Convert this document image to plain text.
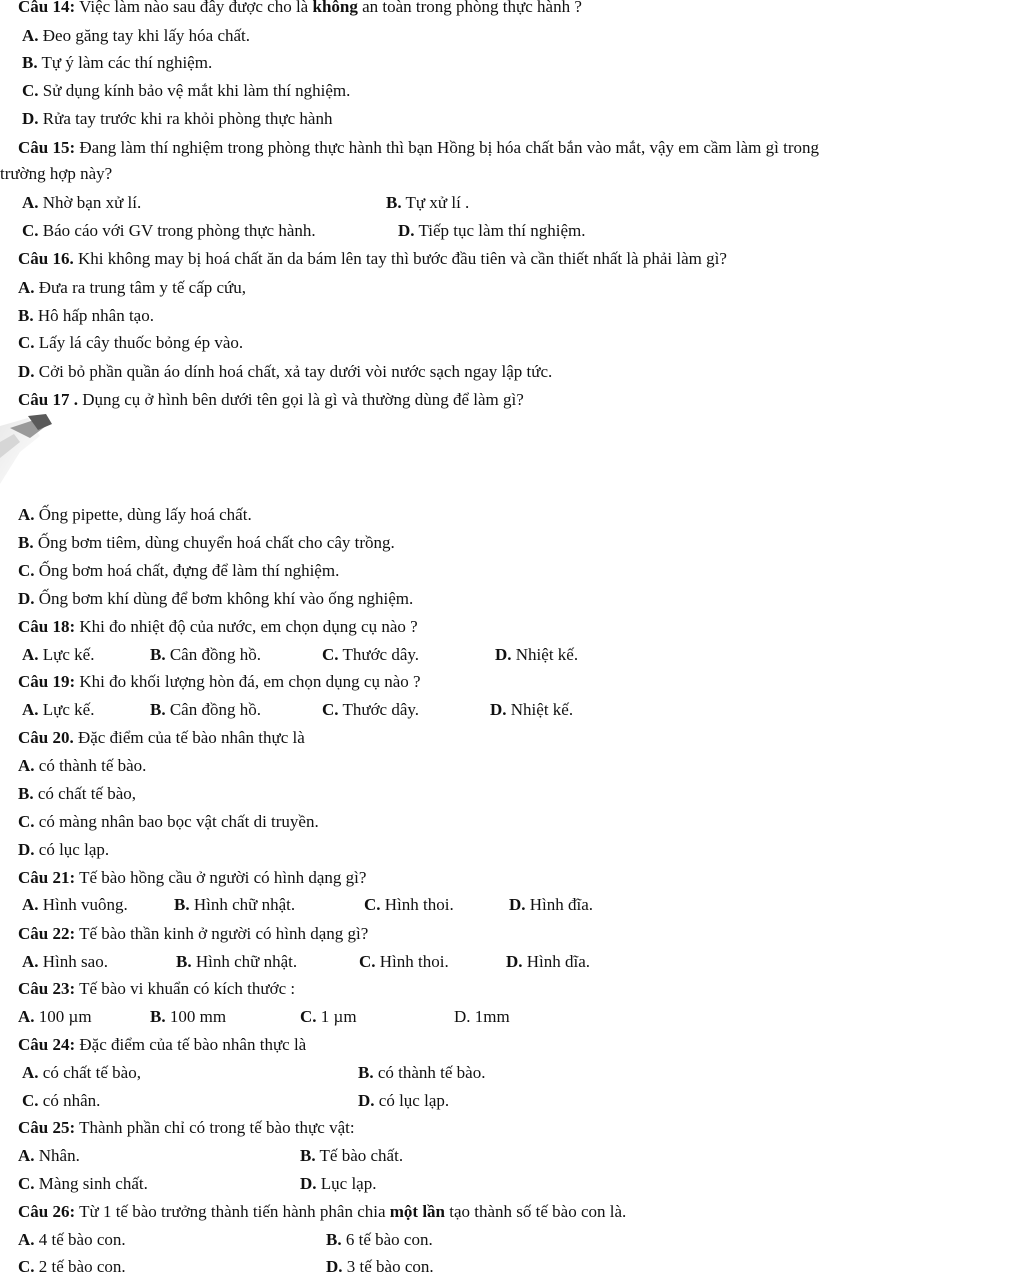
Câu 14: Việc làm nào sau đây được cho là không an toàn trong phòng thực hành ?
A. Đeo găng tay khi lấy hóa chất.
B. Tự ý làm các thí nghiệm.
C. Sử dụng kính bảo vệ mắt khi làm thí nghiệm.
D. Rửa tay trước khi ra khỏi phòng thực hành
Câu 15: Đang làm thí nghiệm trong phòng thực hành thì bạn Hồng bị hóa chất bắn vào mắt, vậy em cầm làm gì trong
trường hợp này?
A. Nhờ bạn xử lí.	B. Tự xử lí .
C. Báo cáo với GV trong phòng thực hành.	D. Tiếp tục làm thí nghiệm.
Câu 16. Khi không may bị hoá chất ăn da bám lên tay thì bước đầu tiên và cần thiết nhất là phải làm gì?
A. Đưa ra trung tâm y tế cấp cứu,
B. Hô hấp nhân tạo.
C. Lấy lá cây thuốc bỏng ép vào.
D. Cởi bỏ phần quần áo dính hoá chất, xả tay dưới vòi nước sạch ngay lập tức.
Câu 17 . Dụng cụ ở hình bên dưới tên gọi là gì và thường dùng để làm gì?
A. Ống pipette, dùng lấy hoá chất.
B. Ống bơm tiêm, dùng chuyển hoá chất cho cây trồng.
C. Ống bơm hoá chất, đựng để làm thí nghiệm.
D. Ống bơm khí dùng để bơm không khí vào ống nghiệm.
Câu 18: Khi đo nhiệt độ của nước, em chọn dụng cụ nào ?
A. Lực kế.	B. Cân đồng hồ.	C. Thước dây.	D. Nhiệt kế.
Câu 19: Khi đo khối lượng hòn đá, em chọn dụng cụ nào ?
A. Lực kế.	B. Cân đồng hồ.	C. Thước dây.	D. Nhiệt kế.
Câu 20. Đặc điểm của tế bào nhân thực là
A. có thành tế bào.
B. có chất tế bào,
C. có màng nhân bao bọc vật chất di truyền.
D. có lục lạp.
Câu 21: Tế bào hồng cầu ở người có hình dạng gì?
A. Hình vuông.	B. Hình chữ nhật.	C. Hình thoi.	D. Hình đĩa.
Câu 22: Tế bào thần kinh ở người có hình dạng gì?
A. Hình sao.	B. Hình chữ nhật.	C. Hình thoi.	D. Hình dĩa.
Câu 23: Tế bào vi khuẩn có kích thước :
A. 100 µm	B. 100 mm	C. 1 µm	D. 1mm
Câu 24: Đặc điểm của tế bào nhân thực là
A. có chất tế bào,	B. có thành tế bào.
C. có nhân.	D. có lục lạp.
Câu 25: Thành phần chỉ có trong tế bào thực vật:
A. Nhân.	B. Tế bào chất.
C. Màng sinh chất.	D. Lục lạp.
Câu 26: Từ 1 tế bào trưởng thành tiến hành phân chia một lần tạo thành số tế bào con là.
A. 4 tế bào con.	B. 6 tế bào con.
C. 2 tế bào con.	D. 3 tế bào con.
